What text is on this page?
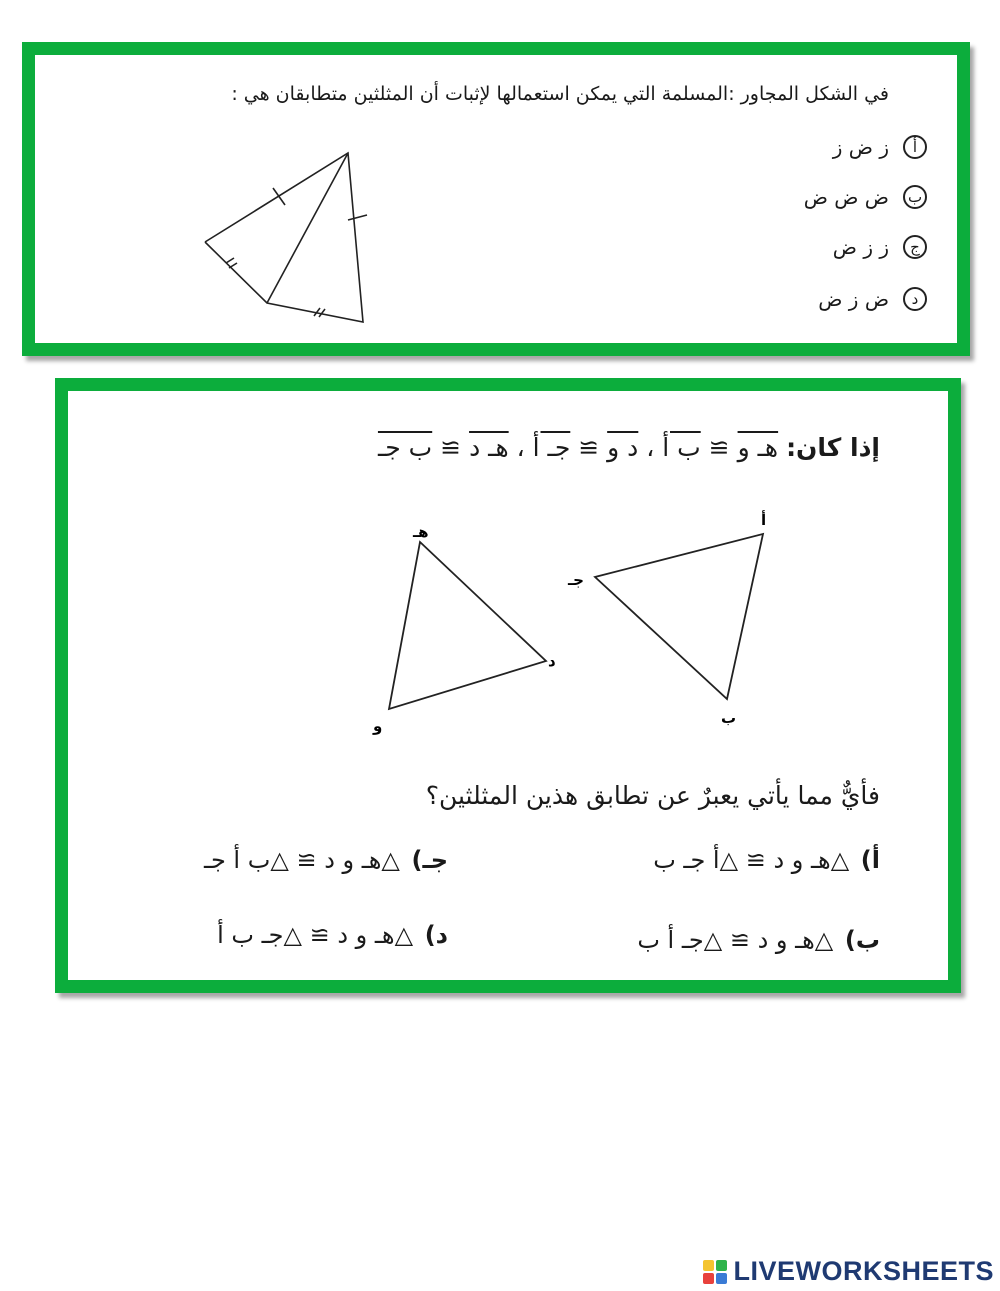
في الشكل المجاور :المسلمة التي يمكن استعمالها لإثبات أن المثلثين متطابقان هي :
أ
ز ض ز
ب
ض ض ض
ج
ز ز ض
د
ض ز ض
إذا كان: هـ و ≅ ب أ ، د و ≅ جـ أ ، هـ د ≅ ب جـ
هـ
د
و
أ
جـ
ب
فأيٌّ مما يأتي يعبرٌ عن تطابق هذين المثلثين؟
أ) △هـ و د ≅ △أ جـ ب
جـ) △هـ و د ≅ △ب أ جـ
ب) △هـ و د ≅ △جـ أ ب
د) △هـ و د ≅ △جـ ب أ
LIVEWORKSHEETS
